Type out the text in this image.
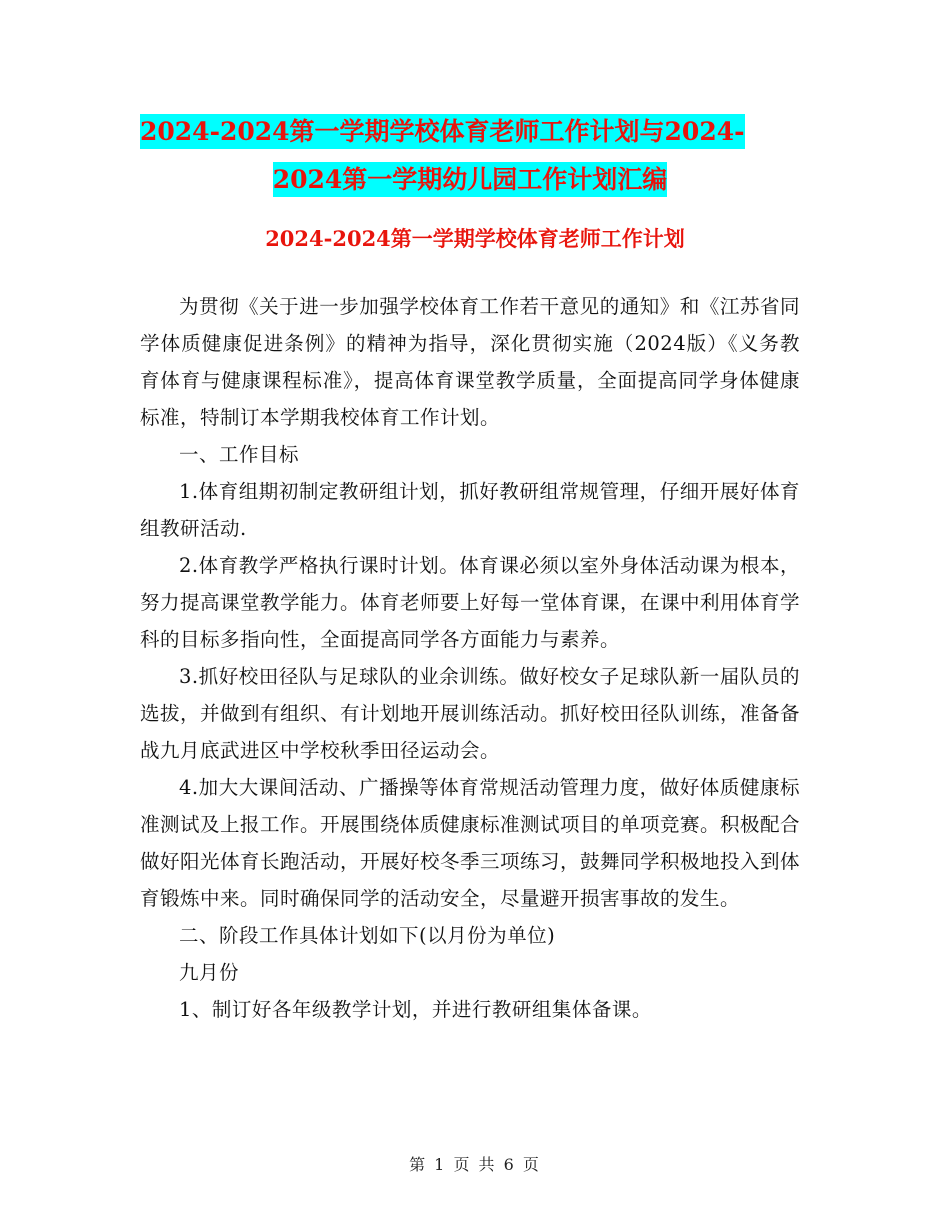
2024-2024第一学期学校体育老师工作计划与2024-

2024第一学期幼儿园工作计划汇编
2024-2024第一学期学校体育老师工作计划

为贯彻《关于进一步加强学校体育工作若干意见的通知》和《江苏省同学体质健康促进条例》的精神为指导，深化贯彻实施（2024版）《义务教育体育与健康课程标准》，提高体育课堂教学质量，全面提高同学身体健康标准，特制订本学期我校体育工作计划。

一、工作目标

1.体育组期初制定教研组计划，抓好教研组常规管理，仔细开展好体育组教研活动.

2.体育教学严格执行课时计划。体育课必须以室外身体活动课为根本，努力提高课堂教学能力。体育老师要上好每一堂体育课，在课中利用体育学科的目标多指向性，全面提高同学各方面能力与素养。

3.抓好校田径队与足球队的业余训练。做好校女子足球队新一届队员的选拔，并做到有组织、有计划地开展训练活动。抓好校田径队训练，准备备战九月底武进区中学校秋季田径运动会。

4.加大大课间活动、广播操等体育常规活动管理力度，做好体质健康标准测试及上报工作。开展围绕体质健康标准测试项目的单项竞赛。积极配合做好阳光体育长跑活动，开展好校冬季三项练习，鼓舞同学积极地投入到体育锻炼中来。同时确保同学的活动安全，尽量避开损害事故的发生。

二、阶段工作具体计划如下(以月份为单位)

九月份

1、制订好各年级教学计划，并进行教研组集体备课。

第 1 页 共 6 页
